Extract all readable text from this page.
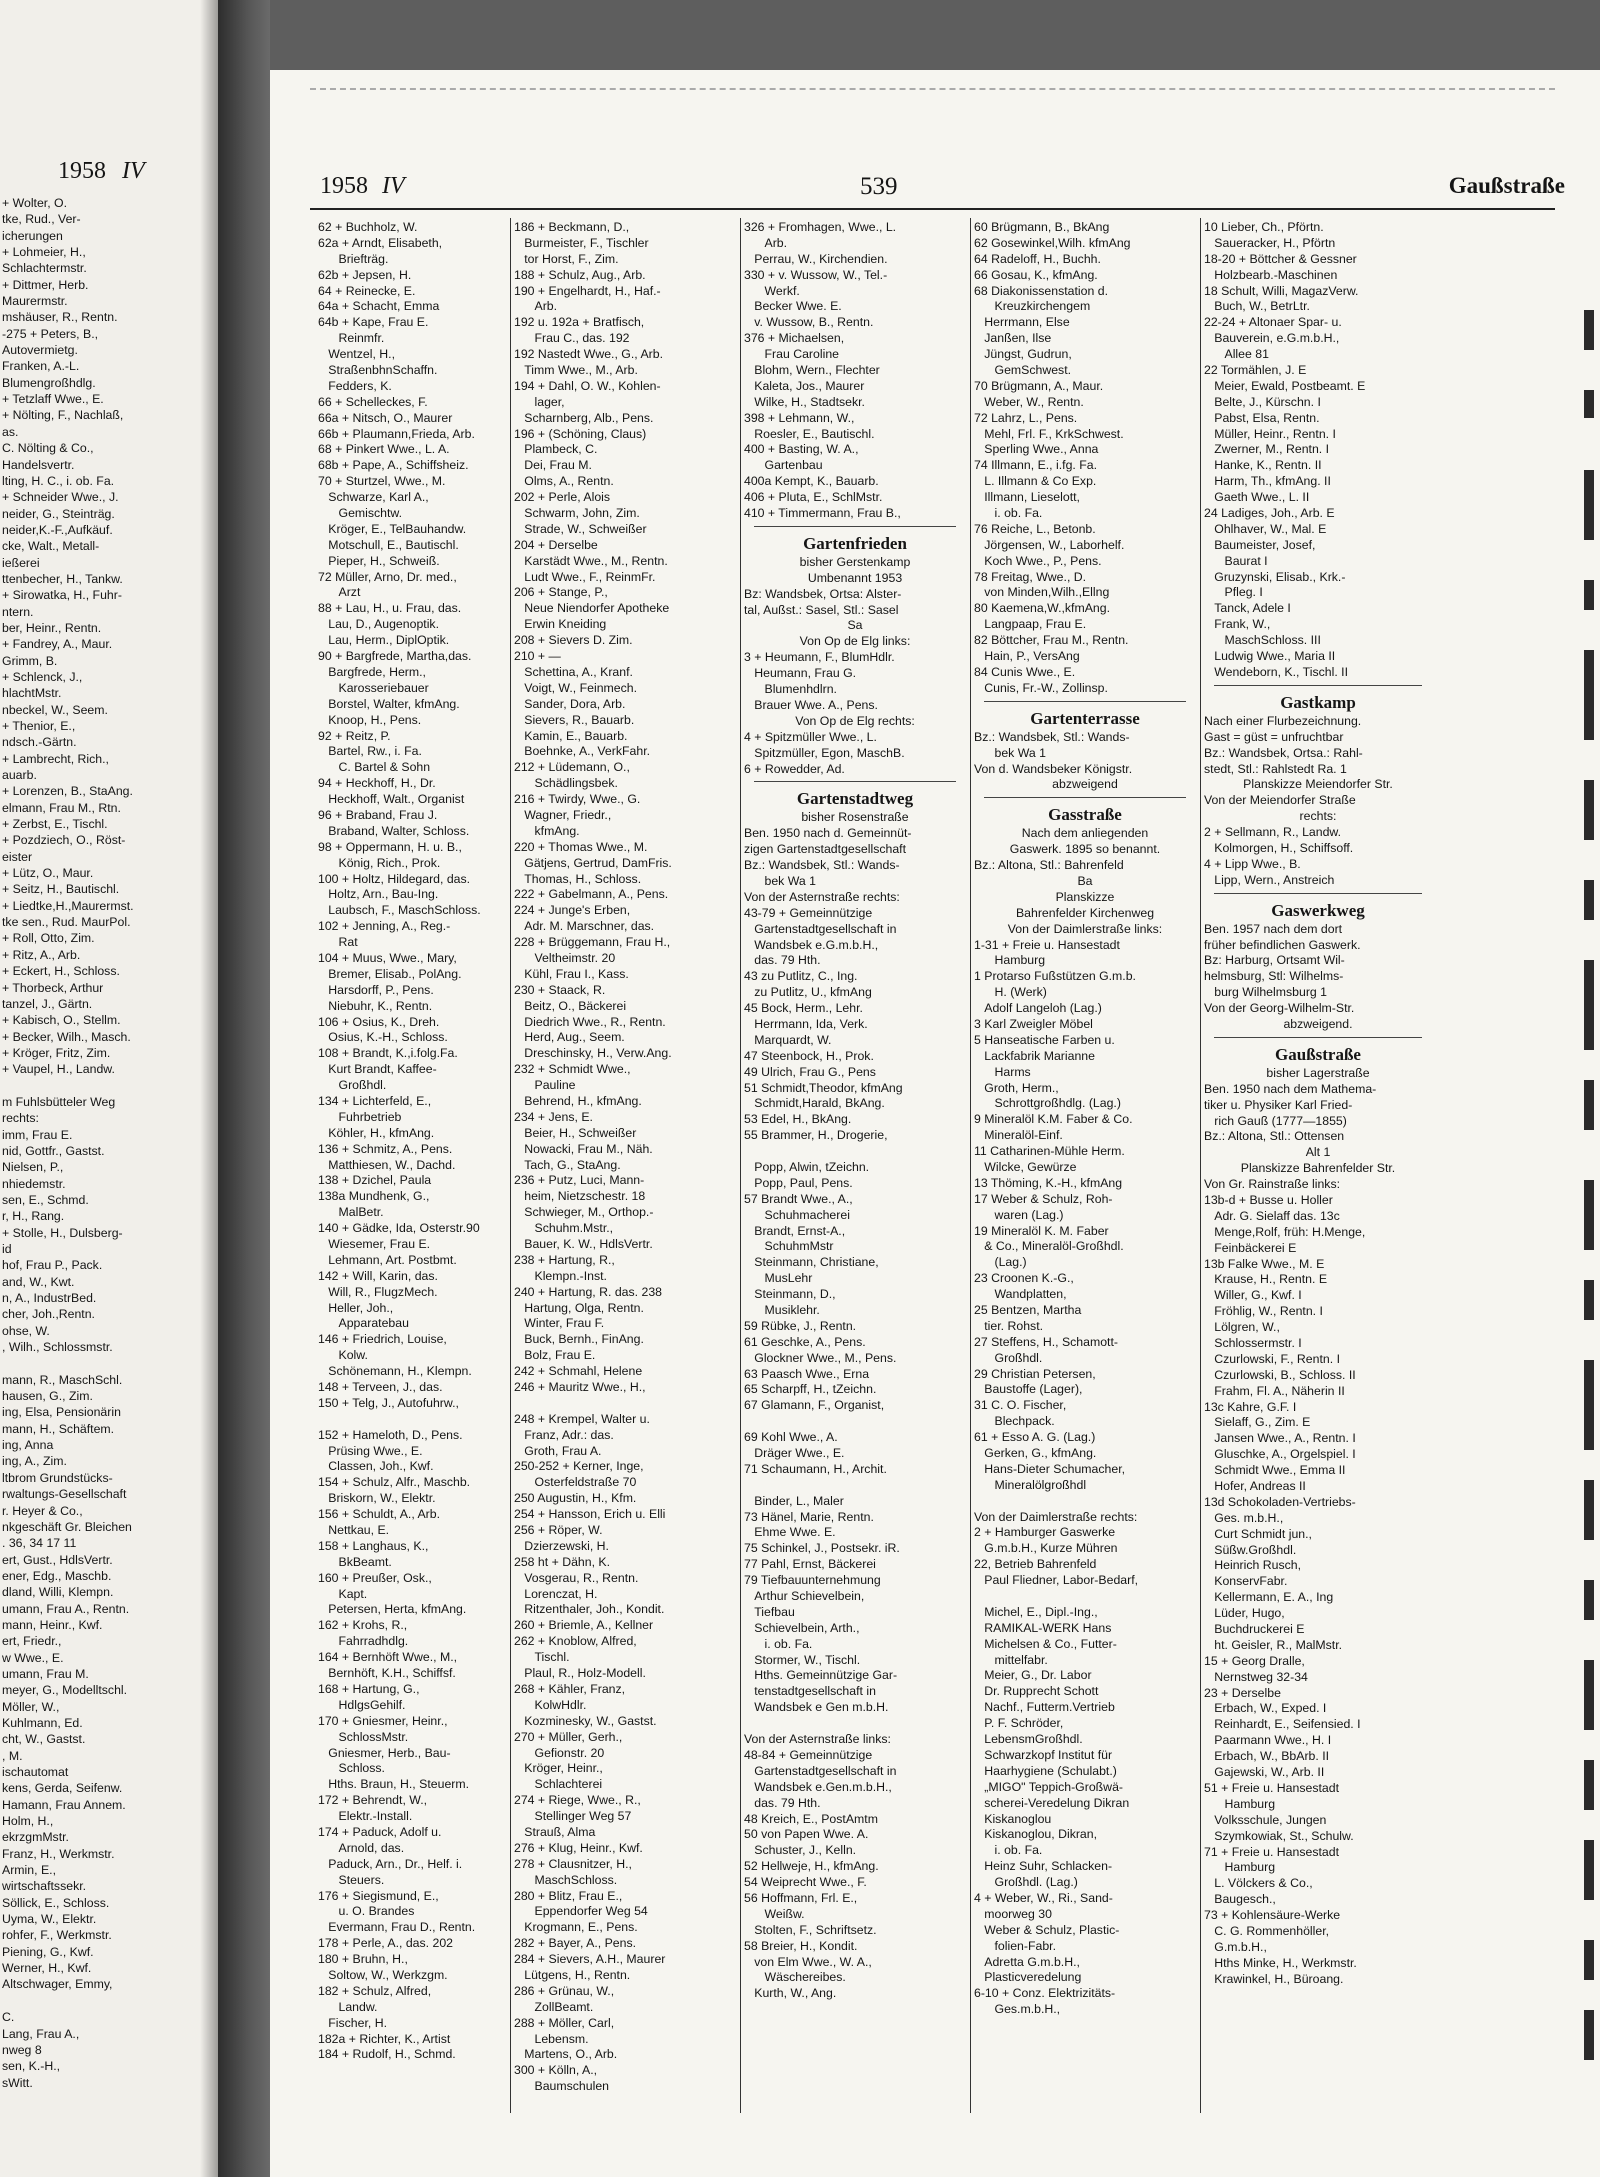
1958 IV
+ Wolter, O.
tke, Rud., Ver-
icherungen
+ Lohmeier, H.,
Schlachtermstr.
+ Dittmer, Herb.
Maurermstr.
mshäuser, R., Rentn.
-275 + Peters, B.,
Autovermietg.
Franken, A.-L.
Blumengroßhdlg.
+ Tetzlaff Wwe., E.
+ Nölting, F., Nachlaß,
as.
C. Nölting & Co.,
Handelsvertr.
lting, H. C., i. ob. Fa.
+ Schneider Wwe., J.
neider, G., Steinträg.
neider,K.-F.,Aufkäuf.
cke, Walt., Metall-
ießerei
ttenbecher, H., Tankw.
+ Sirowatka, H., Fuhr-
ntern.
ber, Heinr., Rentn.
+ Fandrey, A., Maur.
Grimm, B.
+ Schlenck, J.,
hlachtMstr.
nbeckel, W., Seem.
+ Thenior, E.,
ndsch.-Gärtn.
+ Lambrecht, Rich.,
auarb.
+ Lorenzen, B., StaAng.
elmann, Frau M., Rtn.
+ Zerbst, E., Tischl.
+ Pozdziech, O., Röst-
eister
+ Lütz, O., Maur.
+ Seitz, H., Bautischl.
+ Liedtke,H.,Maurermst.
tke sen., Rud. MaurPol.
+ Roll, Otto, Zim.
+ Ritz, A., Arb.
+ Eckert, H., Schloss.
+ Thorbeck, Arthur
tanzel, J., Gärtn.
+ Kabisch, O., Stellm.
+ Becker, Wilh., Masch.
+ Kröger, Fritz, Zim.
+ Vaupel, H., Landw.
m Fuhlsbütteler Weg
rechts:
imm, Frau E.
nid, Gottfr., Gastst.
Nielsen, P.,
nhiedemstr.
sen, E., Schmd.
r, H., Rang.
+ Stolle, H., Dulsberg-
id
hof, Frau P., Pack.
and, W., Kwt.
n, A., IndustrBed.
cher, Joh.,Rentn.
ohse, W.
, Wilh., Schlossmstr.
mann, R., MaschSchl.
hausen, G., Zim.
ing, Elsa, Pensionärin
mann, H., Schäftem.
ing, Anna
ing, A., Zim.
ltbrom Grundstücks-
rwaltungs-Gesellschaft
r. Heyer & Co.,
nkgeschäft Gr. Bleichen
. 36, 34 17 11
ert, Gust., HdlsVertr.
ener, Edg., Maschb.
dland, Willi, Klempn.
umann, Frau A., Rentn.
mann, Heinr., Kwf.
ert, Friedr.,
w Wwe., E.
umann, Frau M.
meyer, G., Modelltschl.
Möller, W.,
Kuhlmann, Ed.
cht, W., Gastst.
, M.
ischautomat
kens, Gerda, Seifenw.
Hamann, Frau Annem.
Holm, H.,
ekrzgmMstr.
Franz, H., Werkmstr.
Armin, E.,
wirtschaftssekr.
Söllick, E., Schloss.
Uyma, W., Elektr.
rohfer, F., Werkmstr.
Piening, G., Kwf.
Werner, H., Kwf.
Altschwager, Emmy,
C.
Lang, Frau A.,
nweg 8
sen, K.-H.,
sWitt.
1958 IV	539	Gaußstraße
62 + Buchholz, W.
62a + Arndt, Elisabeth,
Briefträg.
62b + Jepsen, H.
64 + Reinecke, E.
64a + Schacht, Emma
64b + Kape, Frau E.
Reinmfr.
Wentzel, H.,
StraßenbhnSchaffn.
Fedders, K.
66 + Schelleckes, F.
66a + Nitsch, O., Maurer
66b + Plaumann,Frieda, Arb.
68 + Pinkert Wwe., L. A.
68b + Pape, A., Schiffsheiz.
70 + Sturtzel, Wwe., M.
Schwarze, Karl A.,
Gemischtw.
Kröger, E., TelBauhandw.
Motschull, E., Bautischl.
Pieper, H., Schweiß.
72 Müller, Arno, Dr. med.,
Arzt
88 + Lau, H., u. Frau, das.
Lau, D., Augenoptik.
Lau, Herm., DiplOptik.
90 + Bargfrede, Martha,das.
Bargfrede, Herm.,
Karosseriebauer
Borstel, Walter, kfmAng.
Knoop, H., Pens.
92 + Reitz, P.
Bartel, Rw., i. Fa.
C. Bartel & Sohn
94 + Heckhoff, H., Dr.
Heckhoff, Walt., Organist
96 + Braband, Frau J.
Braband, Walter, Schloss.
98 + Oppermann, H. u. B.,
König, Rich., Prok.
100 + Holtz, Hildegard, das.
Holtz, Arn., Bau-Ing.
Laubsch, F., MaschSchloss.
102 + Jenning, A., Reg.-
Rat
104 + Muus, Wwe., Mary,
Bremer, Elisab., PolAng.
Harsdorff, P., Pens.
Niebuhr, K., Rentn.
106 + Osius, K., Dreh.
Osius, K.-H., Schloss.
108 + Brandt, K.,i.folg.Fa.
Kurt Brandt, Kaffee-
Großhdl.
134 + Lichterfeld, E.,
Fuhrbetrieb
Köhler, H., kfmAng.
136 + Schmitz, A., Pens.
Matthiesen, W., Dachd.
138 + Dzichel, Paula
138a Mundhenk, G.,
MalBetr.
140 + Gädke, Ida, Osterstr.90
Wiesemer, Frau E.
Lehmann, Art. Postbmt.
142 + Will, Karin, das.
Will, R., FlugzMech.
Heller, Joh.,
Apparatebau
146 + Friedrich, Louise,
Kolw.
Schönemann, H., Klempn.
148 + Terveen, J., das.
150 + Telg, J., Autofuhrw.,
152 + Hameloth, D., Pens.
Prüsing Wwe., E.
Classen, Joh., Kwf.
154 + Schulz, Alfr., Maschb.
Briskorn, W., Elektr.
156 + Schuldt, A., Arb.
Nettkau, E.
158 + Langhaus, K.,
BkBeamt.
160 + Preußer, Osk.,
Kapt.
Petersen, Herta, kfmAng.
162 + Krohs, R.,
Fahrradhdlg.
164 + Bernhöft Wwe., M.,
Bernhöft, K.H., Schiffsf.
168 + Hartung, G.,
HdlgsGehilf.
170 + Gniesmer, Heinr.,
SchlossMstr.
Gniesmer, Herb., Bau-
Schloss.
Hths. Braun, H., Steuerm.
172 + Behrendt, W.,
Elektr.-Install.
174 + Paduck, Adolf u.
Arnold, das.
Paduck, Arn., Dr., Helf. i.
Steuers.
176 + Siegismund, E.,
u. O. Brandes
Evermann, Frau D., Rentn.
178 + Perle, A., das. 202
180 + Bruhn, H.,
Soltow, W., Werkzgm.
182 + Schulz, Alfred,
Landw.
Fischer, H.
182a + Richter, K., Artist
184 + Rudolf, H., Schmd.
186 + Beckmann, D.,
Burmeister, F., Tischler
tor Horst, F., Zim.
188 + Schulz, Aug., Arb.
190 + Engelhardt, H., Haf.-
Arb.
192 u. 192a + Bratfisch,
Frau C., das. 192
192 Nastedt Wwe., G., Arb.
Timm Wwe., M., Arb.
194 + Dahl, O. W., Kohlen-
lager,
Scharnberg, Alb., Pens.
196 + (Schöning, Claus)
Plambeck, C.
Dei, Frau M.
Olms, A., Rentn.
202 + Perle, Alois
Schwarm, John, Zim.
Strade, W., Schweißer
204 + Derselbe
Karstädt Wwe., M., Rentn.
Ludt Wwe., F., ReinmFr.
206 + Stange, P.,
Neue Niendorfer Apotheke
Erwin Kneiding
208 + Sievers D. Zim.
210 + —
Schettina, A., Kranf.
Voigt, W., Feinmech.
Sander, Dora, Arb.
Sievers, R., Bauarb.
Kamin, E., Bauarb.
Boehnke, A., VerkFahr.
212 + Lüdemann, O.,
Schädlingsbek.
216 + Twirdy, Wwe., G.
Wagner, Friedr.,
kfmAng.
220 + Thomas Wwe., M.
Gätjens, Gertrud, DamFris.
Thomas, H., Schloss.
222 + Gabelmann, A., Pens.
224 + Junge's Erben,
Adr. M. Marschner, das.
228 + Brüggemann, Frau H.,
Veltheimstr. 20
Kühl, Frau I., Kass.
230 + Staack, R.
Beitz, O., Bäckerei
Diedrich Wwe., R., Rentn.
Herd, Aug., Seem.
Dreschinsky, H., Verw.Ang.
232 + Schmidt Wwe.,
Pauline
Behrend, H., kfmAng.
234 + Jens, E.
Beier, H., Schweißer
Nowacki, Frau M., Näh.
Tach, G., StaAng.
236 + Putz, Luci, Mann-
heim, Nietzschestr. 18
Schwieger, M., Orthop.-
Schuhm.Mstr.,
Bauer, K. W., HdlsVertr.
238 + Hartung, R.,
Klempn.-Inst.
240 + Hartung, R. das. 238
Hartung, Olga, Rentn.
Winter, Frau F.
Buck, Bernh., FinAng.
Bolz, Frau E.
242 + Schmahl, Helene
246 + Mauritz Wwe., H.,
248 + Krempel, Walter u.
Franz, Adr.: das.
Groth, Frau A.
250-252 + Kerner, Inge,
Osterfeldstraße 70
250 Augustin, H., Kfm.
254 + Hansson, Erich u. Elli
256 + Röper, W.
Dzierzewski, H.
258 ht + Dähn, K.
Vosgerau, R., Rentn.
Lorenczat, H.
Ritzenthaler, Joh., Kondit.
260 + Briemle, A., Kellner
262 + Knoblow, Alfred,
Tischl.
Plaul, R., Holz-Modell.
268 + Kähler, Franz,
KolwHdlr.
Kozminesky, W., Gastst.
270 + Müller, Gerh.,
Gefionstr. 20
Kröger, Heinr.,
Schlachterei
274 + Riege, Wwe., R.,
Stellinger Weg 57
Strauß, Alma
276 + Klug, Heinr., Kwf.
278 + Clausnitzer, H.,
MaschSchloss.
280 + Blitz, Frau E.,
Eppendorfer Weg 54
Krogmann, E., Pens.
282 + Bayer, A., Pens.
284 + Sievers, A.H., Maurer
Lütgens, H., Rentn.
286 + Grünau, W.,
ZollBeamt.
288 + Möller, Carl,
Lebensm.
Martens, O., Arb.
300 + Kölln, A.,
Baumschulen
326 + Fromhagen, Wwe., L.
Arb.
Perrau, W., Kirchendien.
330 + v. Wussow, W., Tel.-
Werkf.
Becker Wwe. E.
v. Wussow, B., Rentn.
376 + Michaelsen,
Frau Caroline
Blohm, Wern., Flechter
Kaleta, Jos., Maurer
Wilke, H., Stadtsekr.
398 + Lehmann, W.,
Roesler, E., Bautischl.
400 + Basting, W. A.,
Gartenbau
400a Kempt, K., Bauarb.
406 + Pluta, E., SchlMstr.
410 + Timmermann, Frau B.,
Gartenfrieden
bisher Gerstenkamp
Umbenannt 1953
Bz: Wandsbek, Ortsa: Alster-
tal, Außst.: Sasel, Stl.: Sasel
Sa
Von Op de Elg links:
3 + Heumann, F., BlumHdlr.
Heumann, Frau G.
Blumenhdlrn.
Brauer Wwe. A., Pens.
Von Op de Elg rechts:
4 + Spitzmüller Wwe., L.
Spitzmüller, Egon, MaschB.
6 + Rowedder, Ad.
Gartenstadtweg
bisher Rosenstraße
Ben. 1950 nach d. Gemeinnüt-
zigen Gartenstadtgesellschaft
Bz.: Wandsbek, Stl.: Wands-
bek Wa 1
Von der Asternstraße rechts:
43-79 + Gemeinnützige
Gartenstadtgesellschaft in
Wandsbek e.G.m.b.H.,
das. 79 Hth.
43 zu Putlitz, C., Ing.
zu Putlitz, U., kfmAng
45 Bock, Herm., Lehr.
Herrmann, Ida, Verk.
Marquardt, W.
47 Steenbock, H., Prok.
49 Ulrich, Frau G., Pens
51 Schmidt,Theodor, kfmAng
Schmidt,Harald, BkAng.
53 Edel, H., BkAng.
55 Brammer, H., Drogerie,
Popp, Alwin, tZeichn.
Popp, Paul, Pens.
57 Brandt Wwe., A.,
Schuhmacherei
Brandt, Ernst-A.,
SchuhmMstr
Steinmann, Christiane,
MusLehr
Steinmann, D.,
Musiklehr.
59 Rübke, J., Rentn.
61 Geschke, A., Pens.
Glockner Wwe., M., Pens.
63 Paasch Wwe., Erna
65 Scharpff, H., tZeichn.
67 Glamann, F., Organist,
69 Kohl Wwe., A.
Dräger Wwe., E.
71 Schaumann, H., Archit.
Binder, L., Maler
73 Hänel, Marie, Rentn.
Ehme Wwe. E.
75 Schinkel, J., Postsekr. iR.
77 Pahl, Ernst, Bäckerei
79 Tiefbauunternehmung
Arthur Schievelbein,
Tiefbau
Schievelbein, Arth.,
i. ob. Fa.
Stormer, W., Tischl.
Hths. Gemeinnützige Gar-
tenstadtgesellschaft in
Wandsbek e Gen m.b.H.
Von der Asternstraße links:
48-84 + Gemeinnützige
Gartenstadtgesellschaft in
Wandsbek e.Gen.m.b.H.,
das. 79 Hth.
48 Kreich, E., PostAmtm
50 von Papen Wwe. A.
Schuster, J., Kelln.
52 Hellweje, H., kfmAng.
54 Weiprecht Wwe., F.
56 Hoffmann, Frl. E.,
Weißw.
Stolten, F., Schriftsetz.
58 Breier, H., Kondit.
von Elm Wwe., W. A.,
Wäschereibes.
Kurth, W., Ang.
60 Brügmann, B., BkAng
62 Gosewinkel,Wilh. kfmAng
64 Radeloff, H., Buchh.
66 Gosau, K., kfmAng.
68 Diakonissenstation d.
Kreuzkirchengem
Herrmann, Else
Janßen, Ilse
Jüngst, Gudrun,
GemSchwest.
70 Brügmann, A., Maur.
Weber, W., Rentn.
72 Lahrz, L., Pens.
Mehl, Frl. F., KrkSchwest.
Sperling Wwe., Anna
74 Illmann, E., i.fg. Fa.
L. Illmann & Co Exp.
Illmann, Lieselott,
i. ob. Fa.
76 Reiche, L., Betonb.
Jörgensen, W., Laborhelf.
Koch Wwe., P., Pens.
78 Freitag, Wwe., D.
von Minden,Wilh.,Ellng
80 Kaemena,W.,kfmAng.
Langpaap, Frau E.
82 Böttcher, Frau M., Rentn.
Hain, P., VersAng
84 Cunis Wwe., E.
Cunis, Fr.-W., Zollinsp.
Gartenterrasse
Bz.: Wandsbek, Stl.: Wands-
bek Wa 1
Von d. Wandsbeker Königstr.
abzweigend
Gasstraße
Nach dem anliegenden
Gaswerk. 1895 so benannt.
Bz.: Altona, Stl.: Bahrenfeld
Ba
Planskizze
Bahrenfelder Kirchenweg
Von der Daimlerstraße links:
1-31 + Freie u. Hansestadt
Hamburg
1 Protarso Fußstützen G.m.b.
H. (Werk)
Adolf Langeloh (Lag.)
3 Karl Zweigler Möbel
5 Hanseatische Farben u.
Lackfabrik Marianne
Harms
Groth, Herm.,
Schrottgroßhdlg. (Lag.)
9 Mineralöl K.M. Faber & Co.
Mineralöl-Einf.
11 Catharinen-Mühle Herm.
Wilcke, Gewürze
13 Thöming, K.-H., kfmAng
17 Weber & Schulz, Roh-
waren (Lag.)
19 Mineralöl K. M. Faber
& Co., Mineralöl-Großhdl.
(Lag.)
23 Croonen K.-G.,
Wandplatten,
25 Bentzen, Martha
tier. Rohst.
27 Steffens, H., Schamott-
Großhdl.
29 Christian Petersen,
Baustoffe (Lager),
31 C. O. Fischer,
Blechpack.
61 + Esso A. G. (Lag.)
Gerken, G., kfmAng.
Hans-Dieter Schumacher,
Mineralölgroßhdl
Von der Daimlerstraße rechts:
2 + Hamburger Gaswerke
G.m.b.H., Kurze Mühren
22, Betrieb Bahrenfeld
Paul Fliedner, Labor-Bedarf,
Michel, E., Dipl.-Ing.,
RAMIKAL-WERK Hans
Michelsen & Co., Futter-
mittelfabr.
Meier, G., Dr. Labor
Dr. Rupprecht Schott
Nachf., Futterm.Vertrieb
P. F. Schröder,
LebensmGroßhdl.
Schwarzkopf Institut für
Haarhygiene (Schulabt.)
„MIGO" Teppich-Großwä-
scherei-Veredelung Dikran
Kiskanoglou
Kiskanoglou, Dikran,
i. ob. Fa.
Heinz Suhr, Schlacken-
Großhdl. (Lag.)
4 + Weber, W., Ri., Sand-
moorweg 30
Weber & Schulz, Plastic-
folien-Fabr.
Adretta G.m.b.H.,
Plasticveredelung
6-10 + Conz. Elektrizitäts-
Ges.m.b.H.,
10 Lieber, Ch., Pförtn.
Saueracker, H., Pförtn
18-20 + Böttcher & Gessner
Holzbearb.-Maschinen
18 Schult, Willi, MagazVerw.
Buch, W., BetrLtr.
22-24 + Altonaer Spar- u.
Bauverein, e.G.m.b.H.,
Allee 81
22 Tormählen, J. E
Meier, Ewald, Postbeamt. E
Belte, J., Kürschn. I
Pabst, Elsa, Rentn.
Müller, Heinr., Rentn. I
Zwerner, M., Rentn. I
Hanke, K., Rentn. II
Harm, Th., kfmAng. II
Gaeth Wwe., L. II
24 Ladiges, Joh., Arb. E
Ohlhaver, W., Mal. E
Baumeister, Josef,
Baurat I
Gruzynski, Elisab., Krk.-
Pfleg. I
Tanck, Adele I
Frank, W.,
MaschSchloss. III
Ludwig Wwe., Maria II
Wendeborn, K., Tischl. II
Gastkamp
Nach einer Flurbezeichnung.
Gast = güst = unfruchtbar
Bz.: Wandsbek, Ortsa.: Rahl-
stedt, Stl.: Rahlstedt Ra. 1
Planskizze Meiendorfer Str.
Von der Meiendorfer Straße
rechts:
2 + Sellmann, R., Landw.
Kolmorgen, H., Schiffsoff.
4 + Lipp Wwe., B.
Lipp, Wern., Anstreich
Gaswerkweg
Ben. 1957 nach dem dort
früher befindlichen Gaswerk.
Bz: Harburg, Ortsamt Wil-
helmsburg, Stl: Wilhelms-
burg Wilhelmsburg 1
Von der Georg-Wilhelm-Str.
abzweigend.
Gaußstraße
bisher Lagerstraße
Ben. 1950 nach dem Mathema-
tiker u. Physiker Karl Fried-
rich Gauß (1777—1855)
Bz.: Altona, Stl.: Ottensen
Alt 1
Planskizze Bahrenfelder Str.
Von Gr. Rainstraße links:
13b-d + Busse u. Holler
Adr. G. Sielaff das. 13c
Menge,Rolf, früh: H.Menge,
Feinbäckerei E
13b Falke Wwe., M. E
Krause, H., Rentn. E
Willer, G., Kwf. I
Fröhlig, W., Rentn. I
Lölgren, W.,
Schlossermstr. I
Czurlowski, F., Rentn. I
Czurlowski, B., Schloss. II
Frahm, Fl. A., Näherin II
13c Kahre, G.F. I
Sielaff, G., Zim. E
Jansen Wwe., A., Rentn. I
Gluschke, A., Orgelspiel. I
Schmidt Wwe., Emma II
Hofer, Andreas II
13d Schokoladen-Vertriebs-
Ges. m.b.H.,
Curt Schmidt jun.,
Süßw.Großhdl.
Heinrich Rusch,
KonservFabr.
Kellermann, E. A., Ing
Lüder, Hugo,
Buchdruckerei E
ht. Geisler, R., MalMstr.
15 + Georg Dralle,
Nernstweg 32-34
23 + Derselbe
Erbach, W., Exped. I
Reinhardt, E., Seifensied. I
Paarmann Wwe., H. I
Erbach, W., BbArb. II
Gajewski, W., Arb. II
51 + Freie u. Hansestadt
Hamburg
Volksschule, Jungen
Szymkowiak, St., Schulw.
71 + Freie u. Hansestadt
Hamburg
L. Völckers & Co.,
Baugesch.,
73 + Kohlensäure-Werke
C. G. Rommenhöller,
G.m.b.H.,
Hths Minke, H., Werkmstr.
Krawinkel, H., Büroang.
